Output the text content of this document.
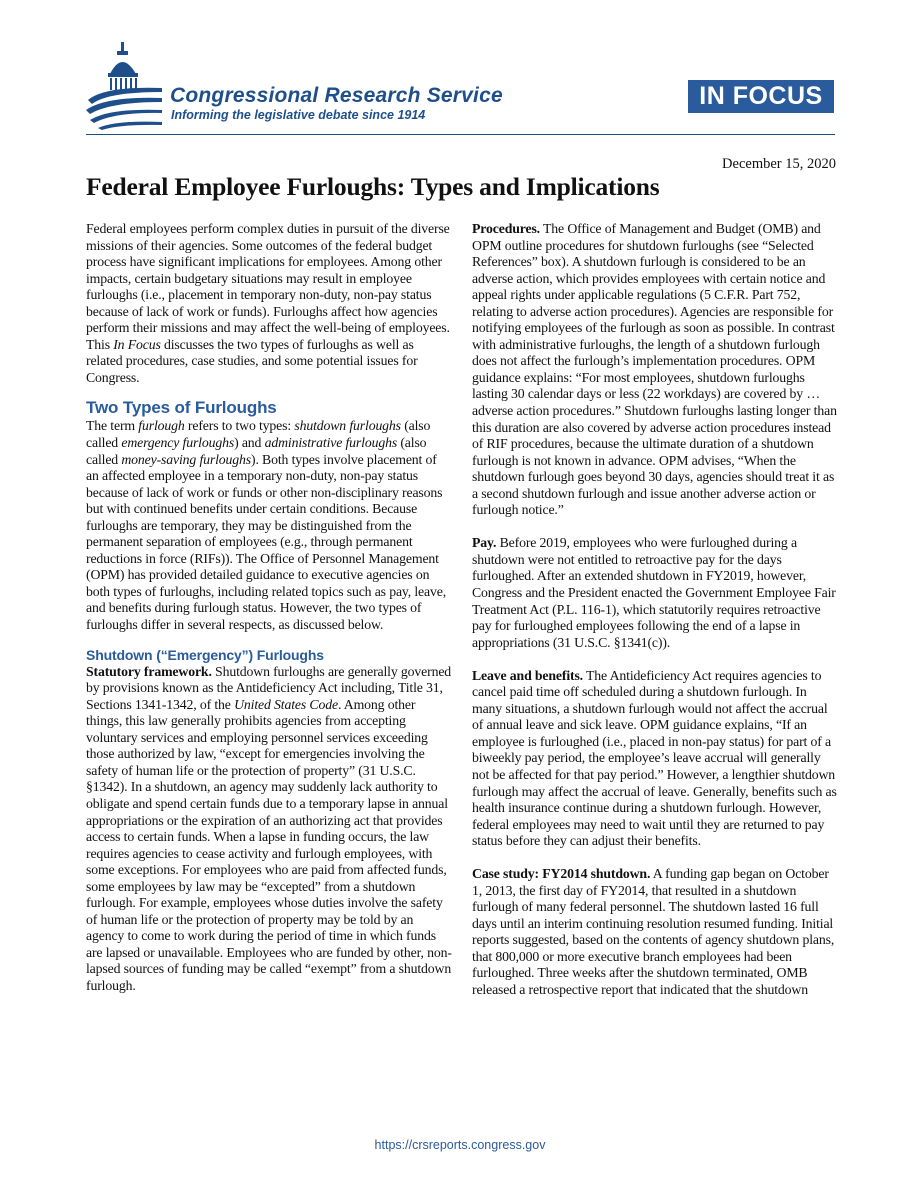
Congressional Research Service
Informing the legislative debate since 1914
IN FOCUS
December 15, 2020
Federal Employee Furloughs: Types and Implications

Federal employees perform complex duties in pursuit of the diverse missions of their agencies. Some outcomes of the federal budget process have significant implications for employees. Among other impacts, certain budgetary situations may result in employee furloughs (i.e., placement in temporary non-duty, non-pay status because of lack of work or funds). Furloughs affect how agencies perform their missions and may affect the well-being of employees. This In Focus discusses the two types of furloughs as well as related procedures, case studies, and some potential issues for Congress.

Two Types of Furloughs

The term furlough refers to two types: shutdown furloughs (also called emergency furloughs) and administrative furloughs (also called money-saving furloughs). Both types involve placement of an affected employee in a temporary non-duty, non-pay status because of lack of work or funds or other non-disciplinary reasons but with continued benefits under certain conditions. Because furloughs are temporary, they may be distinguished from the permanent separation of employees (e.g., through permanent reductions in force (RIFs)). The Office of Personnel Management (OPM) has provided detailed guidance to executive agencies on both types of furloughs, including related topics such as pay, leave, and benefits during furlough status. However, the two types of furloughs differ in several respects, as discussed below.

Shutdown (“Emergency”) Furloughs

Statutory framework. Shutdown furloughs are generally governed by provisions known as the Antideficiency Act including, Title 31, Sections 1341-1342, of the United States Code. Among other things, this law generally prohibits agencies from accepting voluntary services and employing personnel services exceeding those authorized by law, “except for emergencies involving the safety of human life or the protection of property” (31 U.S.C. §1342). In a shutdown, an agency may suddenly lack authority to obligate and spend certain funds due to a temporary lapse in annual appropriations or the expiration of an authorizing act that provides access to certain funds. When a lapse in funding occurs, the law requires agencies to cease activity and furlough employees, with some exceptions. For employees who are paid from affected funds, some employees by law may be “excepted” from a shutdown furlough. For example, employees whose duties involve the safety of human life or the protection of property may be told by an agency to come to work during the period of time in which funds are lapsed or unavailable. Employees who are funded by other, non-lapsed sources of funding may be called “exempt” from a shutdown furlough.

Procedures. The Office of Management and Budget (OMB) and OPM outline procedures for shutdown furloughs (see “Selected References” box). A shutdown furlough is considered to be an adverse action, which provides employees with certain notice and appeal rights under applicable regulations (5 C.F.R. Part 752, relating to adverse action procedures). Agencies are responsible for notifying employees of the furlough as soon as possible. In contrast with administrative furloughs, the length of a shutdown furlough does not affect the furlough’s implementation procedures. OPM guidance explains: “For most employees, shutdown furloughs lasting 30 calendar days or less (22 workdays) are covered by … adverse action procedures.” Shutdown furloughs lasting longer than this duration are also covered by adverse action procedures instead of RIF procedures, because the ultimate duration of a shutdown furlough is not known in advance. OPM advises, “When the shutdown furlough goes beyond 30 days, agencies should treat it as a second shutdown furlough and issue another adverse action or furlough notice.”

Pay. Before 2019, employees who were furloughed during a shutdown were not entitled to retroactive pay for the days furloughed. After an extended shutdown in FY2019, however, Congress and the President enacted the Government Employee Fair Treatment Act (P.L. 116-1), which statutorily requires retroactive pay for furloughed employees following the end of a lapse in appropriations (31 U.S.C. §1341(c)).

Leave and benefits. The Antideficiency Act requires agencies to cancel paid time off scheduled during a shutdown furlough. In many situations, a shutdown furlough would not affect the accrual of annual leave and sick leave. OPM guidance explains, “If an employee is furloughed (i.e., placed in non-pay status) for part of a biweekly pay period, the employee’s leave accrual will generally not be affected for that pay period.” However, a lengthier shutdown furlough may affect the accrual of leave. Generally, benefits such as health insurance continue during a shutdown furlough. However, federal employees may need to wait until they are returned to pay status before they can adjust their benefits.

Case study: FY2014 shutdown. A funding gap began on October 1, 2013, the first day of FY2014, that resulted in a shutdown furlough of many federal personnel. The shutdown lasted 16 full days until an interim continuing resolution resumed funding. Initial reports suggested, based on the contents of agency shutdown plans, that 800,000 or more executive branch employees had been furloughed. Three weeks after the shutdown terminated, OMB released a retrospective report that indicated that the shutdown

https://crsreports.congress.gov
